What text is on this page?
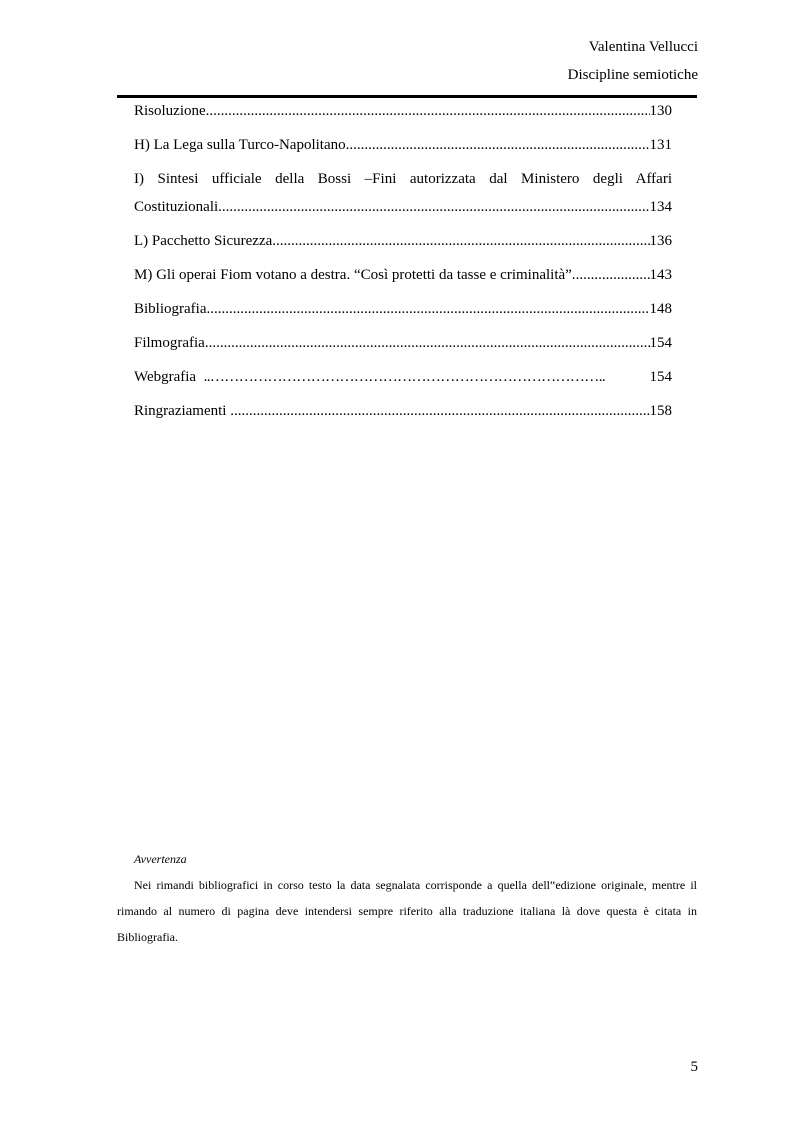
Valentina Vellucci
Discipline semiotiche
Risoluzione .....	130
H) La Lega sulla Turco-Napolitano .....	131
I) Sintesi ufficiale della Bossi –Fini autorizzata dal Ministero degli Affari
Costituzionali .....	134
L) Pacchetto Sicurezza .....	136
M) Gli operai Fiom votano a destra. “Così protetti da tasse e criminalità”. .....	143
Bibliografia .....	148
Filmografia .....	154
Webgrafia ..………………………………………………………………………..	154
Ringraziamenti .....	158
Avvertenza
Nei rimandi bibliografici in corso testo la data segnalata corrisponde a quella dell‟edizione originale, mentre il rimando al numero di pagina deve intendersi sempre riferito alla traduzione italiana là dove questa è citata in Bibliografia.
5
